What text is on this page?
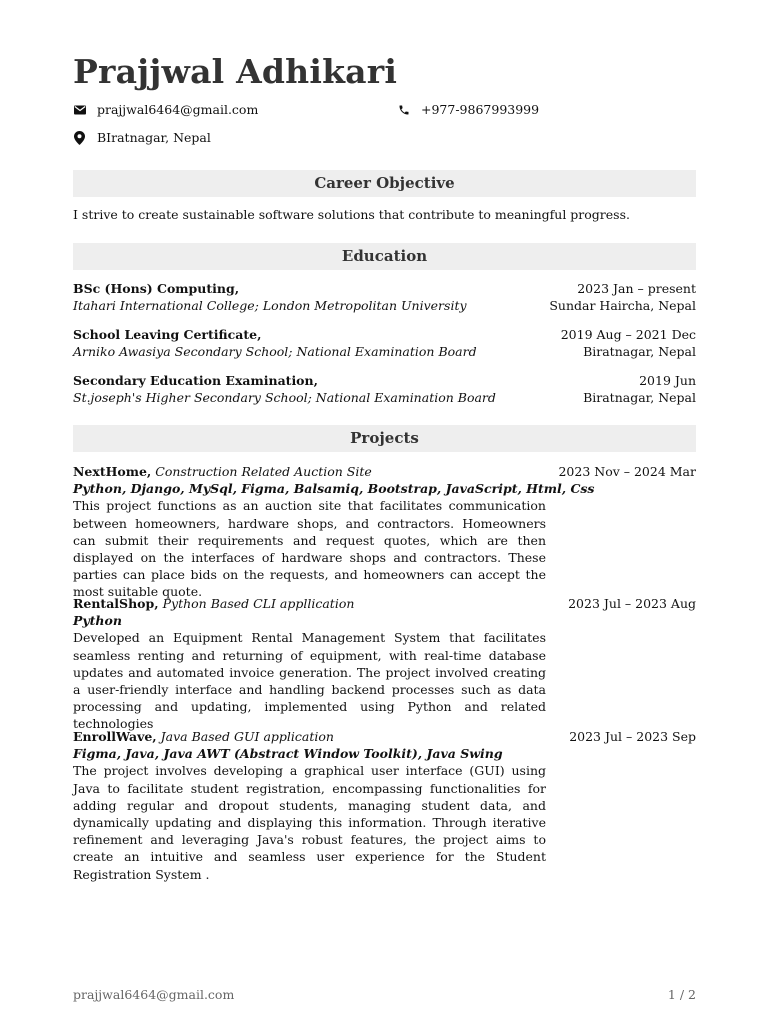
Prajjwal Adhikari
prajjwal6464@gmail.com	+977-9867993999
BIratnagar, Nepal
Career Objective
I strive to create sustainable software solutions that contribute to meaningful progress.
Education
BSc (Hons) Computing,	2023 Jan – present
Itahari International College; London Metropolitan University	Sundar Haircha, Nepal
School Leaving Certificate,	2019 Aug – 2021 Dec
Arniko Awasiya Secondary School; National Examination Board	Biratnagar, Nepal
Secondary Education Examination,	2019 Jun
St.joseph's Higher Secondary School; National Examination Board	Biratnagar, Nepal
Projects
NextHome, Construction Related Auction Site	2023 Nov – 2024 Mar
Python, Django, MySql, Figma, Balsamiq, Bootstrap, JavaScript, Html, Css

This project functions as an auction site that facilitates communication between homeowners, hardware shops, and contractors. Homeowners can submit their requirements and request quotes, which are then displayed on the interfaces of hardware shops and contractors. These parties can place bids on the requests, and homeowners can accept the most suitable quote.

RentalShop, Python Based CLI appllication	2023 Jul – 2023 Aug
Python

Developed an Equipment Rental Management System that facilitates seamless renting and returning of equipment, with real-time database updates and automated invoice generation. The project involved creating a user-friendly interface and handling backend processes such as data processing and updating, implemented using Python and related technologies

EnrollWave, Java Based GUI application	2023 Jul – 2023 Sep
Figma, Java, Java AWT (Abstract Window Toolkit), Java Swing

The project involves developing a graphical user interface (GUI) using Java to facilitate student registration, encompassing functionalities for adding regular and dropout students, managing student data, and dynamically updating and displaying this information. Through iterative refinement and leveraging Java's robust features, the project aims to create an intuitive and seamless user experience for the Student Registration System .

prajjwal6464@gmail.com	1 / 2
